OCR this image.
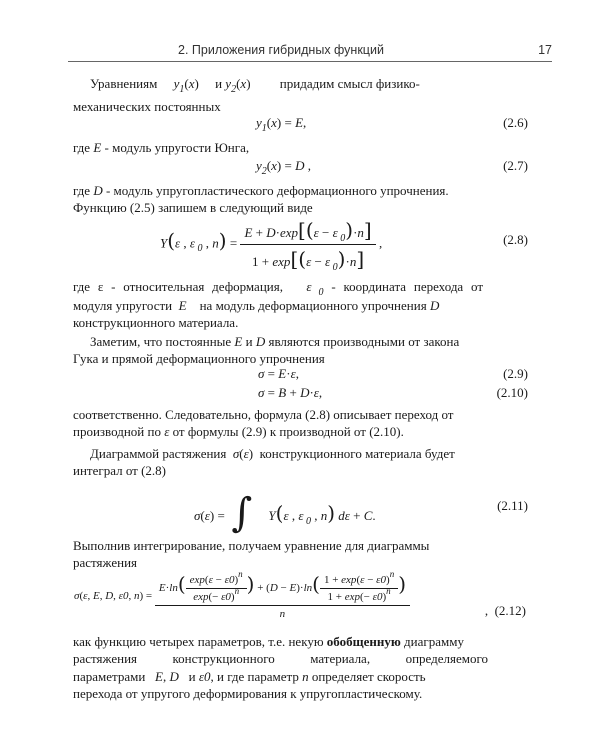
2. Приложения гибридных функций	17
Уравнениям $y_1(x)$     и $y_2(x)$         придадим смысл физико-
механических постоянных
$y_1(x) = E$,	(2.6)
где E - модуль упругости Юнга,
$y_2(x) = D$ ,	(2.7)
где D - модуль упругопластического деформационного упрочнения.
Функцию (2.5) запишем в следующий виде
Y(ε , ε $_0$ , $n) = \frac{E + D\cdot\exp[(\varepsilon - \varepsilon _0)\cdot n]}{1 + \exp[(\varepsilon - \varepsilon _0)\cdot n]}$ ,	(2.8)
где ε - относительная деформация, ε $_0$ - координата перехода от
модуля упругости E на модуль деформационного упрочнения D
конструкционного материала.
Заметим, что постоянные E и D являются производными от закона
Гука и прямой деформационного упрочнения
σ = E·ε,	(2.9)
σ = B + D·ε,	(2.10)
соответственно. Следовательно, формула (2.8) описывает переход от
производной по ε от формулы (2.9) к производной от (2.10).
Диаграммой растяжения σ(ε)  конструкционного материала будет
интеграл от (2.8)
σ(ε) =  ∫ Y(ε , ε $_0$ , n) dε + C.
(2.11)
Выполнив интегрирование, получаем уравнение для диаграммы
растяжения
σ(ε, E, D, ε0, n) =
$E\cdot\ln( \frac{\exp(\varepsilon - \varepsilon 0)^n}{\exp(- \varepsilon 0)^n}$ ) + $(D - E)\cdot\ln( \frac{1 + \exp(\varepsilon - \varepsilon 0)^n}{1 + \exp(- \varepsilon 0)^n}$ )
n	,  (2.12)
как функцию четырех параметров, т.е. некую обобщенную диаграмму
растяжения конструкционного материала, определяемого
параметрами E, D и ε0, и где параметр n определяет скорость
перехода от упругого деформирования к упругопластическому.
